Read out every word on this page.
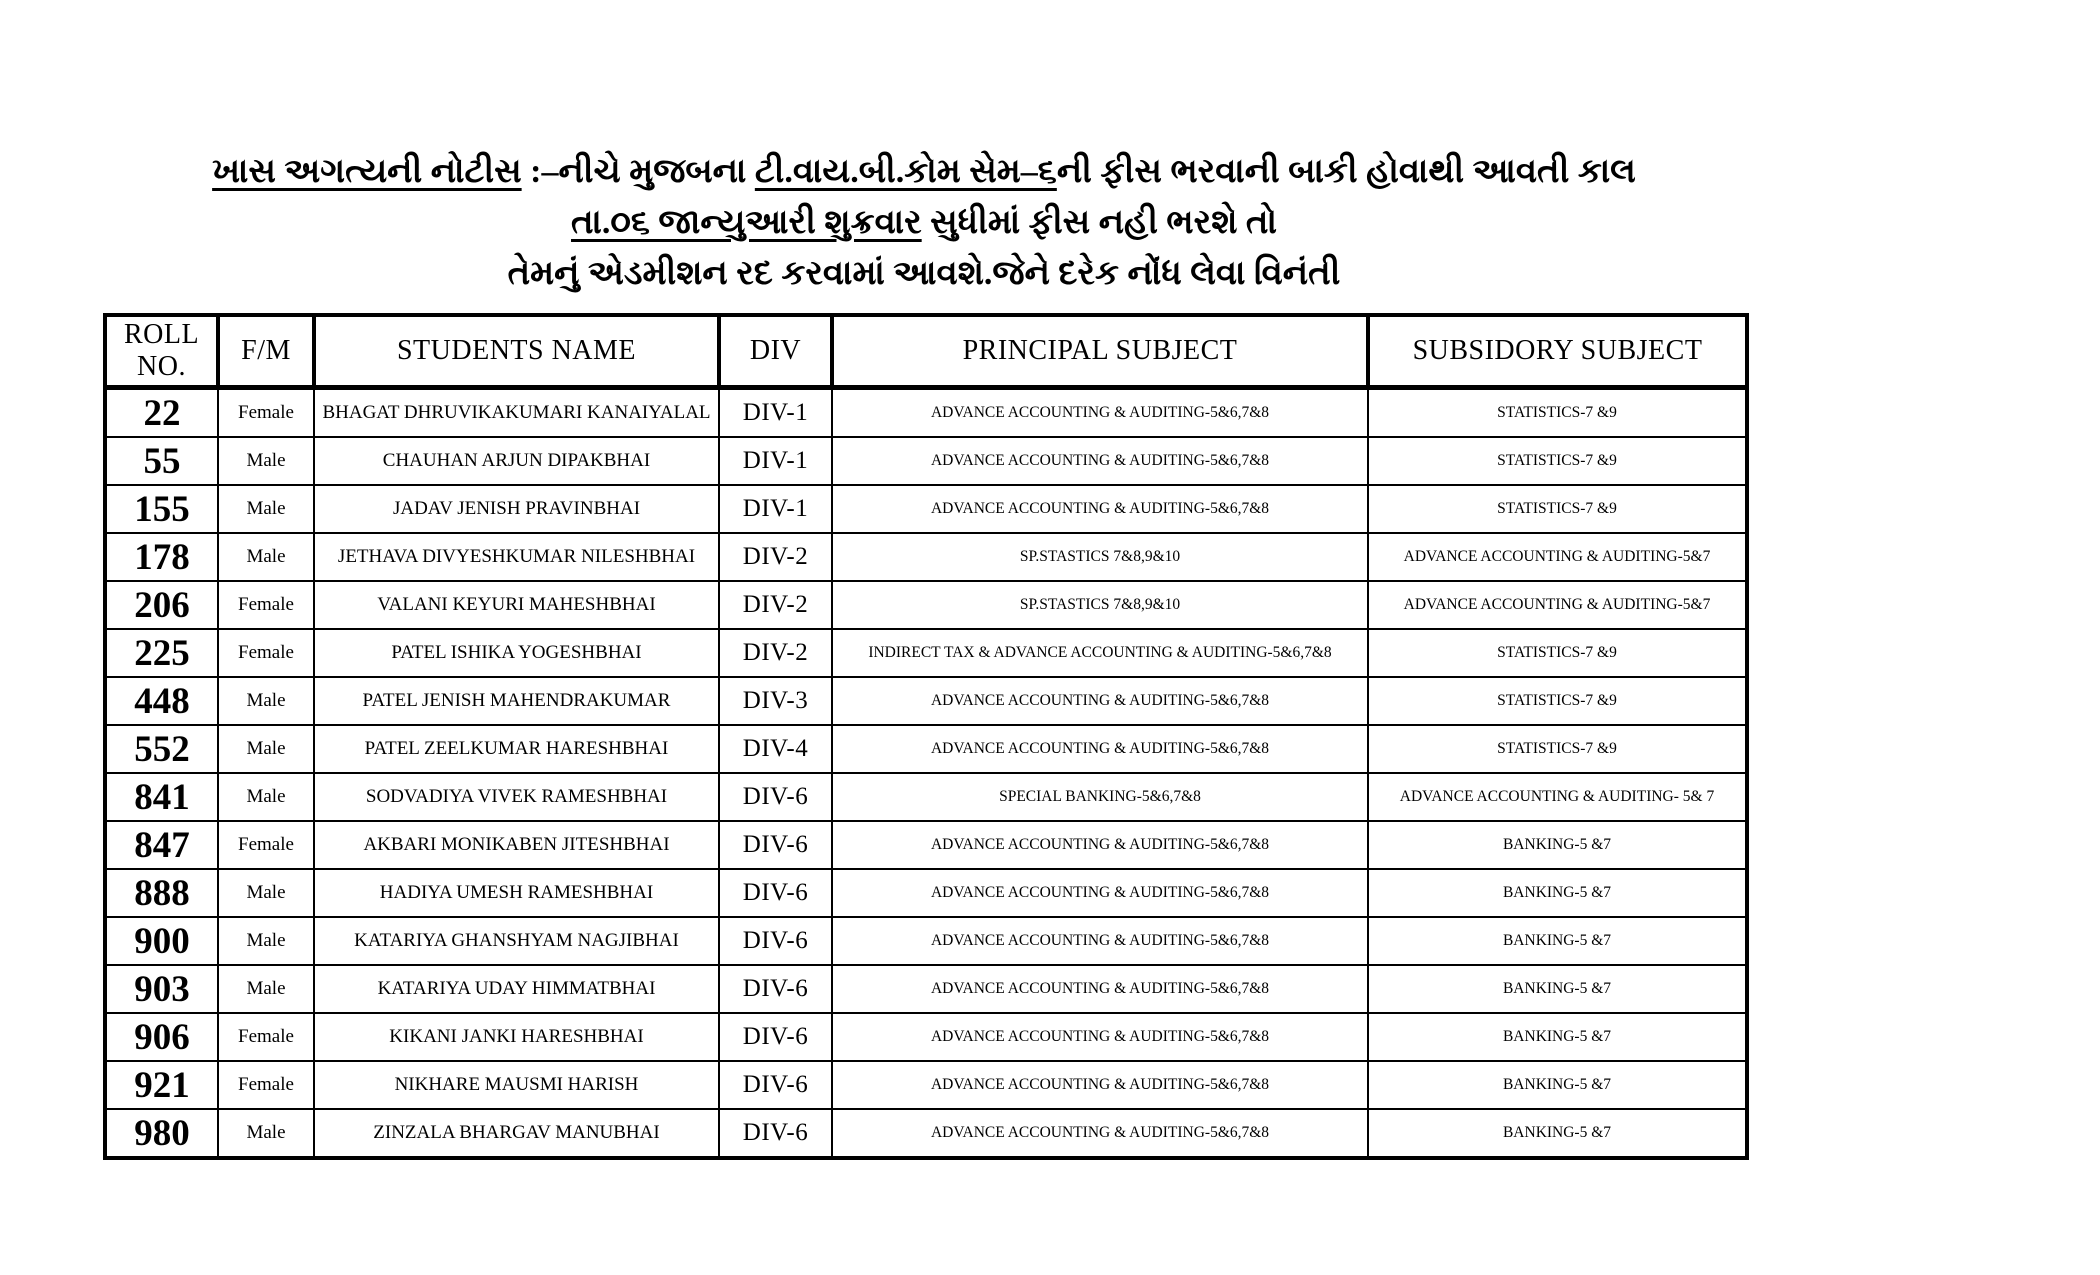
ખાસ અગત્યની નોટીસ :–નીચે મુજબના ટી.વાય.બી.કોમ સેમ–૬ની ફીસ ભરવાની બાકી હોવાથી આવતી કાલ
તા.૦૬ જાન્યુઆરી શુક્રવાર સુધીમાં ફીસ નહી ભરશે તો
તેમનું એડમીશન રદ કરવામાં આવશે.જેને દરેક નોંધ લેવા વિનંતી
ROLL NO.	F/M	STUDENTS NAME	DIV	PRINCIPAL SUBJECT	SUBSIDORY SUBJECT
22	Female	BHAGAT DHRUVIKAKUMARI KANAIYALAL	DIV-1	ADVANCE ACCOUNTING & AUDITING-5&6,7&8	STATISTICS-7 &9
55	Male	CHAUHAN ARJUN DIPAKBHAI	DIV-1	ADVANCE ACCOUNTING & AUDITING-5&6,7&8	STATISTICS-7 &9
155	Male	JADAV JENISH PRAVINBHAI	DIV-1	ADVANCE ACCOUNTING & AUDITING-5&6,7&8	STATISTICS-7 &9
178	Male	JETHAVA DIVYESHKUMAR NILESHBHAI	DIV-2	SP.STASTICS 7&8,9&10	ADVANCE ACCOUNTING & AUDITING-5&7
206	Female	VALANI KEYURI MAHESHBHAI	DIV-2	SP.STASTICS 7&8,9&10	ADVANCE ACCOUNTING & AUDITING-5&7
225	Female	PATEL ISHIKA YOGESHBHAI	DIV-2	INDIRECT TAX & ADVANCE ACCOUNTING & AUDITING-5&6,7&8	STATISTICS-7 &9
448	Male	PATEL JENISH MAHENDRAKUMAR	DIV-3	ADVANCE ACCOUNTING & AUDITING-5&6,7&8	STATISTICS-7 &9
552	Male	PATEL ZEELKUMAR HARESHBHAI	DIV-4	ADVANCE ACCOUNTING & AUDITING-5&6,7&8	STATISTICS-7 &9
841	Male	SODVADIYA VIVEK RAMESHBHAI	DIV-6	SPECIAL BANKING-5&6,7&8	ADVANCE ACCOUNTING & AUDITING- 5& 7
847	Female	AKBARI MONIKABEN JITESHBHAI	DIV-6	ADVANCE ACCOUNTING & AUDITING-5&6,7&8	BANKING-5 &7
888	Male	HADIYA UMESH RAMESHBHAI	DIV-6	ADVANCE ACCOUNTING & AUDITING-5&6,7&8	BANKING-5 &7
900	Male	KATARIYA GHANSHYAM NAGJIBHAI	DIV-6	ADVANCE ACCOUNTING & AUDITING-5&6,7&8	BANKING-5 &7
903	Male	KATARIYA UDAY HIMMATBHAI	DIV-6	ADVANCE ACCOUNTING & AUDITING-5&6,7&8	BANKING-5 &7
906	Female	KIKANI JANKI HARESHBHAI	DIV-6	ADVANCE ACCOUNTING & AUDITING-5&6,7&8	BANKING-5 &7
921	Female	NIKHARE MAUSMI HARISH	DIV-6	ADVANCE ACCOUNTING & AUDITING-5&6,7&8	BANKING-5 &7
980	Male	ZINZALA BHARGAV MANUBHAI	DIV-6	ADVANCE ACCOUNTING & AUDITING-5&6,7&8	BANKING-5 &7
